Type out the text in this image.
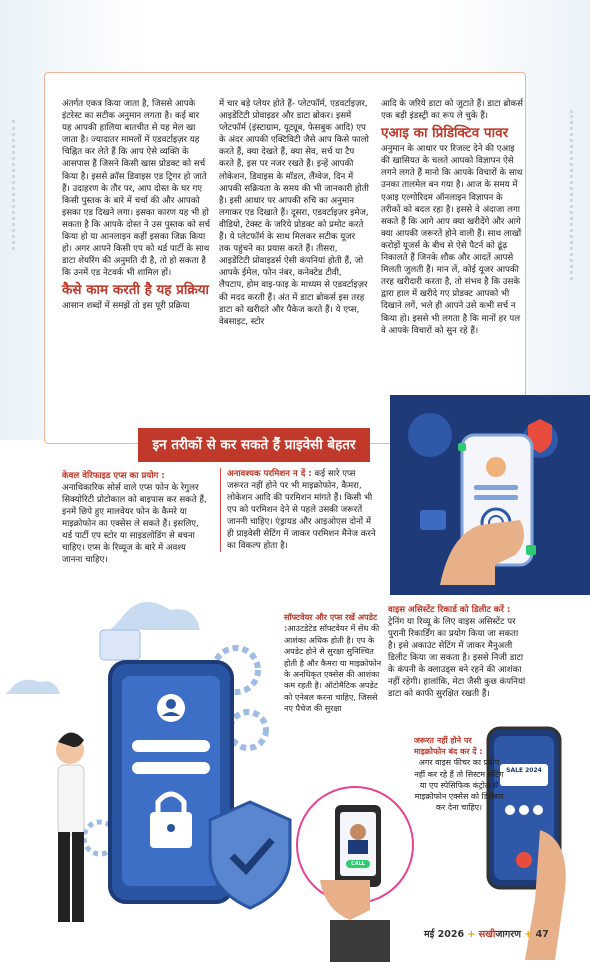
अंतर्गत एकत्र किया जाता है, जिससे आपके इंटरेस्ट का सटीक अनुमान लगता है। कई बार यह आपकी हालिया बातचीत से यह मेल खा जाता है। ज्यादातर मामलों में एडवर्टाइज़र यह चिह्नित कर लेते हैं कि आप ऐसे व्यक्ति के आसपास हैं जिसने किसी खास प्रोडक्ट को सर्च किया है। इससे क्रॉस डिवाइस एड ट्रिगर हो जाते हैं। उदाहरण के तौर पर, आप दोस्त के घर गए किसी पुस्तक के बारे में चर्चा की और आपको इसका एड दिखने लगा। इसका कारण यह भी हो सकता है कि आपके दोस्त ने उस पुस्तक को सर्च किया हो या आनलाइन कहीं इसका जिक्र किया हो। अगर आपने किसी एप को थर्ड पार्टी के साथ डाटा शेयरिंग की अनुमति दी है, तो हो सकता है कि उनमें एड नेटवर्क भी शामिल हों।

कैसे काम करती है यह प्रक्रिया

आसान शब्दों में समझें तो इस पूरी प्रक्रिया

में चार बड़े प्लेयर होते हैं- प्लेटफॉर्म, एडवर्टाइज़र, आइडेंटिटी प्रोवाइडर और डाटा ब्रोकर। इसमें प्लेटफॉर्म (इंस्टाग्राम, यूट्यूब, फेसबुक आदि) एप के अंदर आपकी एक्टिविटी जैसे आप किसे फालो करते हैं, क्या देखते हैं, क्या सेव, सर्च या टैप करते हैं, इस पर नजर रखते हैं। इन्हें आपकी लोकेशन, डिवाइस के मॉडल, लैंग्वेज, दिन में आपकी सक्रियता के समय की भी जानकारी होती है। इसी आधार पर आपकी रुचि का अनुमान लगाकर एड दिखाते हैं। दूसरा, एडवर्टाइज़र इमेज, वीडियो, टेक्स्ट के जरिये प्रोडक्ट को प्रमोट करते हैं। ये प्लेटफॉर्म के साथ मिलकर सटीक यूजर तक पहुंचने का प्रयास करते हैं। तीसरा, आइडेंटिटी प्रोवाइडर्स ऐसी कंपनियां होती हैं, जो आपके ईमेल, फोन नंबर, कनेक्टेड टीवी, लैपटाप, होम वाइ-फाइ के माध्यम से एडवर्टाइज़र की मदद करती हैं। अंत में डाटा ब्रोकर्स इस तरह डाटा को खरीदते और पैकेज करते हैं। ये एप्स, वेबसाइट, स्टोर

आदि के जरिये डाटा को जुटाते हैं। डाटा ब्रोकर्स एक बड़ी इंडस्ट्री का रूप ले चुके हैं।

एआइ का प्रिडिक्टिव पावर

अनुमान के आधार पर रिजल्ट देने की एआइ की खासियत के चलते आपको विज्ञापन ऐसे लगने लगते हैं मानो कि आपके विचारों के साथ उनका तालमेल बन गया है। आज के समय में एआइ एल्गोरिदम ऑनलाइन विज्ञापन के तरीकों को बदल रहा है। इससे वे अंदाजा लगा सकते हैं कि आगे आप क्या खरीदेंगे और आगे क्या आपकी जरूरतें होने वाली हैं। साथ लाखों करोड़ों यूजर्स के बीच से ऐसे पैटर्न को ढूंढ़ निकालते हैं जिनके शौक और आदतें आपसे मिलती जुलती हैं। मान लें, कोई यूजर आपकी तरह खरीदारी करता है, तो संभव है कि उसके द्वारा हाल में खरीदे गए प्रोडक्ट आपको भी दिखाने लगें, भले ही आपने उसे कभी सर्च न किया हो। इससे भी लगता है कि मानों हर पल वे आपके विचारों को सुन रहे हैं।

इन तरीकों से कर सकते हैं प्राइवेसी बेहतर

केवल वेरिफाइड एप्स का प्रयोग : अनाधिकारिक सोर्स वाले एप्स फोन के रेगुलर सिक्योरिटी प्रोटोकाल को बाइपास कर सकते हैं, इनमें छिपे हुए मालवेयर फोन के कैमरे या माइक्रोफोन का एक्सेस ले सकते हैं। इसलिए, थर्ड पार्टी एप स्टोर या साइडलोडिंग से बचना चाहिए। एप्स के रिव्यूज के बारे में अवश्य जानना चाहिए।

अनावश्यक परमिशन न दें : कई सारे एप्स जरूरत नहीं होने पर भी माइक्रोफोन, कैमरा, लोकेशन आदि की परमिशन मांगते हैं। किसी भी एप को परमिशन देने से पहले उसकी जरूरतें जाननी चाहिए। एंड्रायड और आइओएस दोनों में ही प्राइवेसी सेटिंग में जाकर परमिशन मैनेज करने का विकल्प होता है।

SALE 2024
CALL

सॉफ्टवेयर और एप्स रखें अपडेट :आउटडेटेड सॉफ्टवेयर में सेंध की आशंका अधिक होती है। एप के अपडेट होने से सुरक्षा सुनिश्चित होती है और कैमरा या माइक्रोफोन के अनधिकृत एक्सेस की आशंका कम रहती है। ऑटोमैटिक अपडेट को एनेबल करना चाहिए, जिससे नए पैचेज की सुरक्षा

वाइस असिस्टेंट रिकार्ड को डिलीट करें : ट्रेनिंग या रिव्यू के लिए वाइस असिस्टेंट पर पुरानी रिकार्डिंग का प्रयोग किया जा सकता है। इसे अकाउंट सेटिंग में जाकर मैनुअली डिलीट किया जा सकता है। इससे निजी डाटा के कंपनी के क्लाउड्स बने रहने की आशंका नहीं रहेगी। हालांकि, मेटा जैसी कुछ कंपनियां डाटा को काफी सुरक्षित रखती हैं।

जरूरत नहीं होने पर माइक्रोफोन बंद कर दें :
अगर वाइस फीचर का प्रयोग नहीं कर रहे हैं तो सिस्टम सेटिंग या एप स्पेसिफिक कंट्रोल से माइक्रोफोन एक्सेस को डिसेबल कर देना चाहिए।

मई 2026 + सखीजागरण + 47
